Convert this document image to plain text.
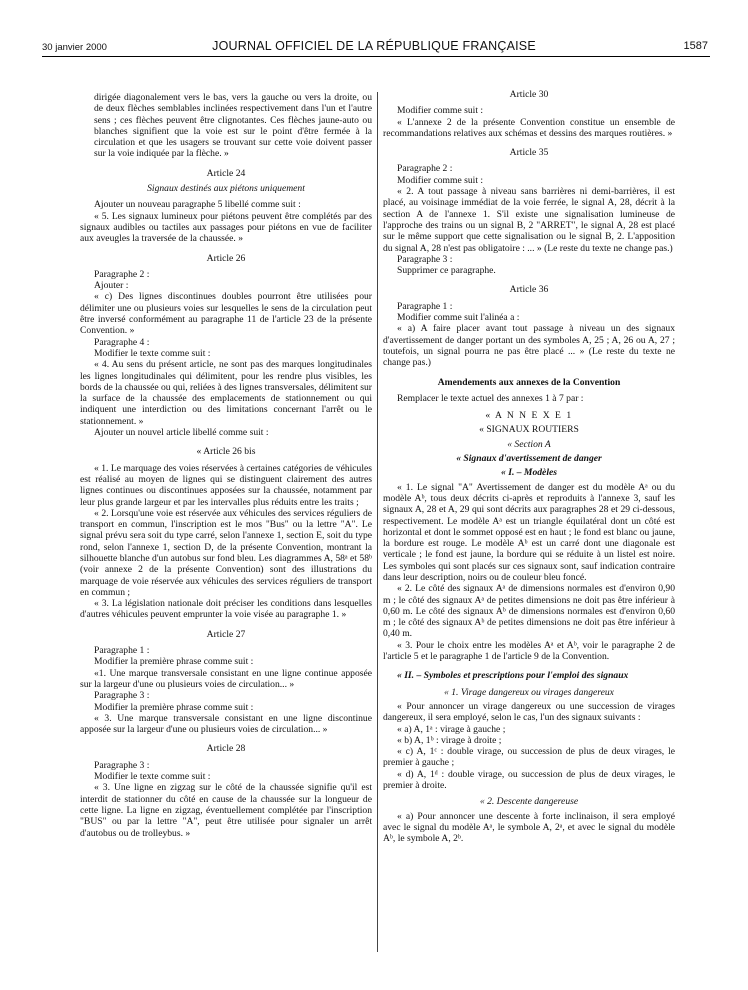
30 janvier 2000	JOURNAL OFFICIEL DE LA RÉPUBLIQUE FRANÇAISE	1587

dirigée diagonalement vers le bas, vers la gauche ou vers la droite, ou de deux flèches semblables inclinées respectivement dans l'un et l'autre sens ; ces flèches peuvent être clignotantes. Ces flèches jaune-auto ou blanches signifient que la voie est sur le point d'être fermée à la circulation et que les usagers se trouvant sur cette voie doivent passer sur la voie indiquée par la flèche. »

Article 24
Signaux destinés aux piétons uniquement

Ajouter un nouveau paragraphe 5 libellé comme suit :

« 5. Les signaux lumineux pour piétons peuvent être complétés par des signaux audibles ou tactiles aux passages pour piétons en vue de faciliter aux aveugles la traversée de la chaussée. »

Article 26

Paragraphe 2 :

Ajouter :

« c) Des lignes discontinues doubles pourront être utilisées pour délimiter une ou plusieurs voies sur lesquelles le sens de la circulation peut être inversé conformément au paragraphe 11 de l'article 23 de la présente Convention. »

Paragraphe 4 :

Modifier le texte comme suit :

« 4. Au sens du présent article, ne sont pas des marques longitudinales les lignes longitudinales qui délimitent, pour les rendre plus visibles, les bords de la chaussée ou qui, reliées à des lignes transversales, délimitent sur la surface de la chaussée des emplacements de stationnement ou qui indiquent une interdiction ou des limitations concernant l'arrêt ou le stationnement. »

Ajouter un nouvel article libellé comme suit :

« Article 26 bis

« 1. Le marquage des voies réservées à certaines catégories de véhicules est réalisé au moyen de lignes qui se distinguent clairement des autres lignes continues ou discontinues apposées sur la chaussée, notamment par leur plus grande largeur et par les intervalles plus réduits entre les traits ;

« 2. Lorsqu'une voie est réservée aux véhicules des services réguliers de transport en commun, l'inscription est le mos "Bus" ou la lettre "A". Le signal prévu sera soit du type carré, selon l'annexe 1, section E, soit du type rond, selon l'annexe 1, section D, de la présente Convention, montrant la silhouette blanche d'un autobus sur fond bleu. Les diagrammes A, 58ᵃ et 58ᵇ (voir annexe 2 de la présente Convention) sont des illustrations du marquage de voie réservée aux véhicules des services réguliers de transport en commun ;

« 3. La législation nationale doit préciser les conditions dans lesquelles d'autres véhicules peuvent emprunter la voie visée au paragraphe 1. »

Article 27

Paragraphe 1 :

Modifier la première phrase comme suit :

«1. Une marque transversale consistant en une ligne continue apposée sur la largeur d'une ou plusieurs voies de circulation... »

Paragraphe 3 :

Modifier la première phrase comme suit :

« 3. Une marque transversale consistant en une ligne discontinue apposée sur la largeur d'une ou plusieurs voies de circulation... »

Article 28

Paragraphe 3 :

Modifier le texte comme suit :

« 3. Une ligne en zigzag sur le côté de la chaussée signifie qu'il est interdit de stationner du côté en cause de la chaussée sur la longueur de cette ligne. La ligne en zigzag, éventuellement complétée par l'inscription "BUS" ou par la lettre "A", peut être utilisée pour signaler un arrêt d'autobus ou de trolleybus. »

Article 30

Modifier comme suit :

« L'annexe 2 de la présente Convention constitue un ensemble de recommandations relatives aux schémas et dessins des marques routières. »

Article 35

Paragraphe 2 :

Modifier comme suit :

« 2. A tout passage à niveau sans barrières ni demi-barrières, il est placé, au voisinage immédiat de la voie ferrée, le signal A, 28, décrit à la section A de l'annexe 1. S'il existe une signalisation lumineuse de l'approche des trains ou un signal B, 2 "ARRET", le signal A, 28 est placé sur le même support que cette signalisation ou le signal B, 2. L'apposition du signal A, 28 n'est pas obligatoire : ... » (Le reste du texte ne change pas.)

Paragraphe 3 :

Supprimer ce paragraphe.

Article 36

Paragraphe 1 :

Modifier comme suit l'alinéa a :

« a) A faire placer avant tout passage à niveau un des signaux d'avertissement de danger portant un des symboles A, 25 ; A, 26 ou A, 27 ; toutefois, un signal pourra ne pas être placé ... » (Le reste du texte ne change pas.)

Amendements aux annexes de la Convention

Remplacer le texte actuel des annexes 1 à 7 par :

« A N N E X E 1
« SIGNAUX ROUTIERS
« Section A
« Signaux d'avertissement de danger
« I. – Modèles

« 1. Le signal "A" Avertissement de danger est du modèle Aᵃ ou du modèle Aᵇ, tous deux décrits ci-après et reproduits à l'annexe 3, sauf les signaux A, 28 et A, 29 qui sont décrits aux paragraphes 28 et 29 ci-dessous, respectivement. Le modèle Aᵃ est un triangle équilatéral dont un côté est horizontal et dont le sommet opposé est en haut ; le fond est blanc ou jaune, la bordure est rouge. Le modèle Aᵇ est un carré dont une diagonale est verticale ; le fond est jaune, la bordure qui se réduite à un listel est noire. Les symboles qui sont placés sur ces signaux sont, sauf indication contraire dans leur description, noirs ou de couleur bleu foncé.

« 2. Le côté des signaux Aᵃ de dimensions normales est d'environ 0,90 m ; le côté des signaux Aᵃ de petites dimensions ne doit pas être inférieur à 0,60 m. Le côté des signaux Aᵇ de dimensions normales est d'environ 0,60 m ; le côté des signaux Aᵇ de petites dimensions ne doit pas être inférieur à 0,40 m.

« 3. Pour le choix entre les modèles Aᵃ et Aᵇ, voir le paragraphe 2 de l'article 5 et le paragraphe 1 de l'article 9 de la Convention.

« II. – Symboles et prescriptions pour l'emploi des signaux
« 1. Virage dangereux ou virages dangereux

« Pour annoncer un virage dangereux ou une succession de virages dangereux, il sera employé, selon le cas, l'un des signaux suivants :

« a) A, 1ᵃ : virage à gauche ;

« b) A, 1ᵇ : virage à droite ;

« c) A, 1ᶜ : double virage, ou succession de plus de deux virages, le premier à gauche ;

« d) A, 1ᵈ : double virage, ou succession de plus de deux virages, le premier à droite.

« 2. Descente dangereuse

« a) Pour annoncer une descente à forte inclinaison, il sera employé avec le signal du modèle Aᵃ, le symbole A, 2ᵃ, et avec le signal du modèle Aᵇ, le symbole A, 2ᵇ.
